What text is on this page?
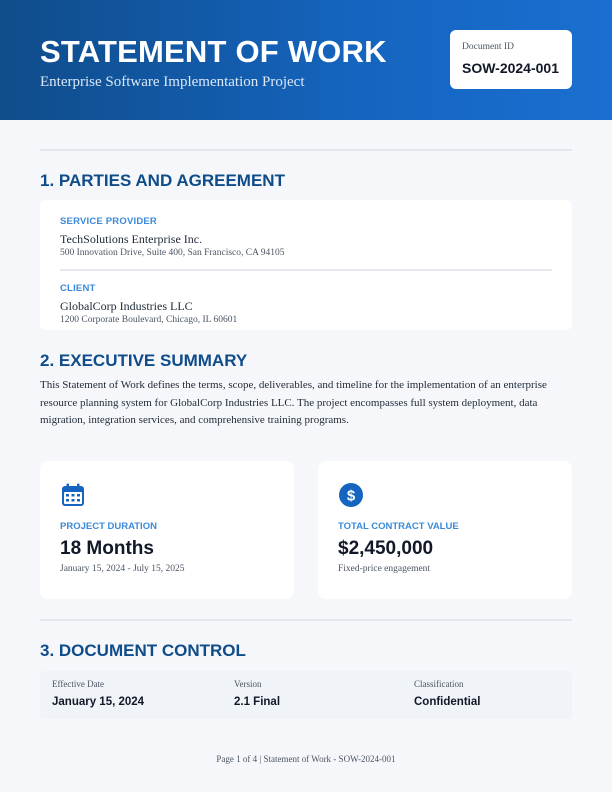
STATEMENT OF WORK
Enterprise Software Implementation Project
Document ID
SOW-2024-001
1. PARTIES AND AGREEMENT
SERVICE PROVIDER
TechSolutions Enterprise Inc.
500 Innovation Drive, Suite 400, San Francisco, CA 94105
CLIENT
GlobalCorp Industries LLC
1200 Corporate Boulevard, Chicago, IL 60601
2. EXECUTIVE SUMMARY
This Statement of Work defines the terms, scope, deliverables, and timeline for the implementation of an enterprise resource planning system for GlobalCorp Industries LLC. The project encompasses full system deployment, data migration, integration services, and comprehensive training programs.
PROJECT DURATION
18 Months
January 15, 2024 - July 15, 2025
$
TOTAL CONTRACT VALUE
$2,450,000
Fixed-price engagement
3. DOCUMENT CONTROL
Effective Date
January 15, 2024
Version
2.1 Final
Classification
Confidential
Page 1 of 4 | Statement of Work - SOW-2024-001
